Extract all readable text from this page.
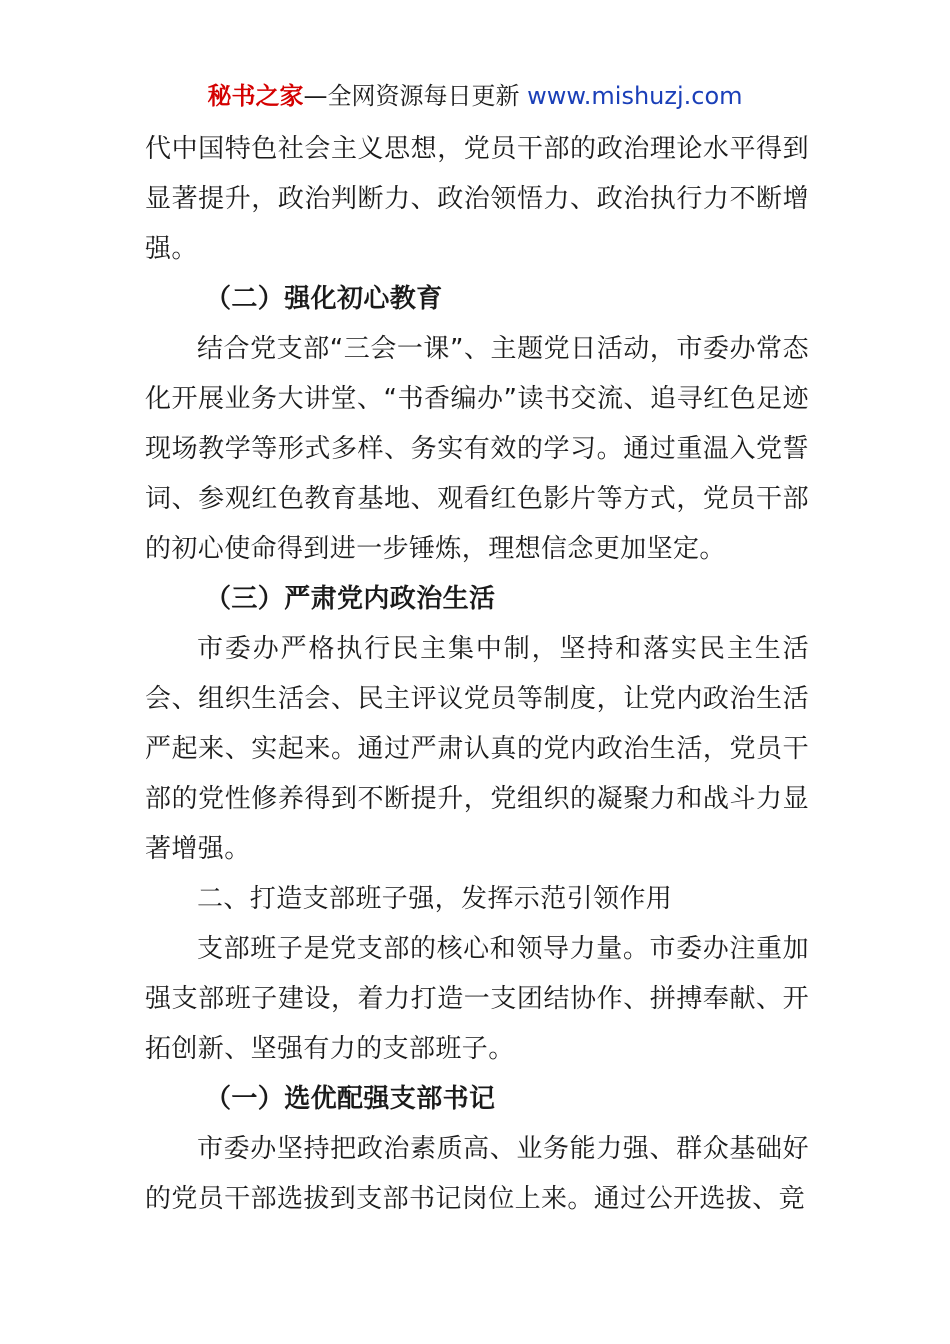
秘书之家—全网资源每日更新 www.mishuzj.com

代中国特色社会主义思想，党员干部的政治理论水平得到显著提升，政治判断力、政治领悟力、政治执行力不断增强。

（二）强化初心教育

结合党支部“三会一课”、主题党日活动，市委办常态化开展业务大讲堂、“书香编办”读书交流、追寻红色足迹现场教学等形式多样、务实有效的学习。通过重温入党誓词、参观红色教育基地、观看红色影片等方式，党员干部的初心使命得到进一步锤炼，理想信念更加坚定。

（三）严肃党内政治生活

市委办严格执行民主集中制，坚持和落实民主生活会、组织生活会、民主评议党员等制度，让党内政治生活严起来、实起来。通过严肃认真的党内政治生活，党员干部的党性修养得到不断提升，党组织的凝聚力和战斗力显著增强。

二、打造支部班子强，发挥示范引领作用

支部班子是党支部的核心和领导力量。市委办注重加强支部班子建设，着力打造一支团结协作、拼搏奉献、开拓创新、坚强有力的支部班子。

（一）选优配强支部书记

市委办坚持把政治素质高、业务能力强、群众基础好的党员干部选拔到支部书记岗位上来。通过公开选拔、竞
